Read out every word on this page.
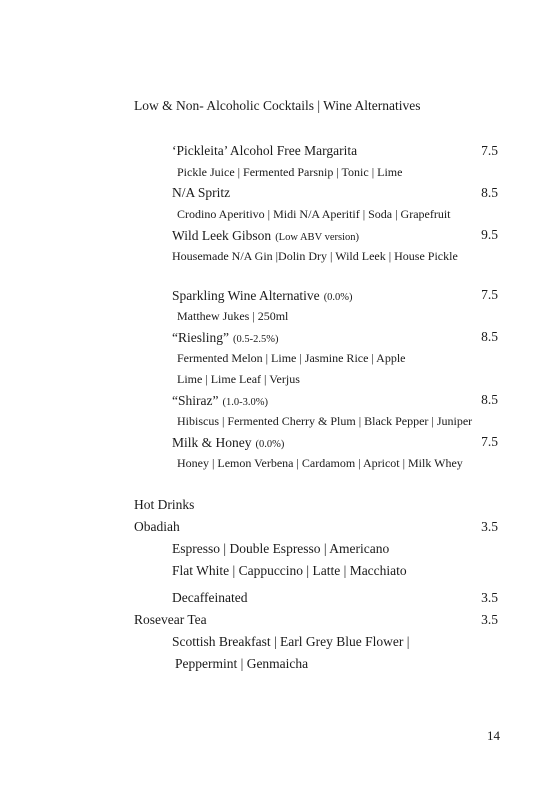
Low & Non- Alcoholic Cocktails | Wine Alternatives
‘Pickleita’ Alcohol Free Margarita	7.5
Pickle Juice | Fermented Parsnip | Tonic | Lime
N/A Spritz	8.5
Crodino Aperitivo | Midi N/A Aperitif | Soda | Grapefruit
Wild Leek Gibson (Low ABV version)	9.5
Housemade N/A Gin |Dolin Dry | Wild Leek | House Pickle
Sparkling Wine Alternative (0.0%)	7.5
Matthew Jukes | 250ml
“Riesling” (0.5-2.5%)	8.5
Fermented Melon | Lime | Jasmine Rice | Apple
Lime | Lime Leaf | Verjus
“Shiraz” (1.0-3.0%)	8.5
Hibiscus | Fermented Cherry & Plum | Black Pepper | Juniper
Milk & Honey (0.0%)	7.5
Honey | Lemon Verbena | Cardamom | Apricot | Milk Whey
Hot Drinks
Obadiah	3.5
Espresso | Double Espresso | Americano
Flat White | Cappuccino | Latte | Macchiato
Decaffeinated	3.5
Rosevear Tea	3.5
Scottish Breakfast | Earl Grey Blue Flower |
Peppermint | Genmaicha
14
